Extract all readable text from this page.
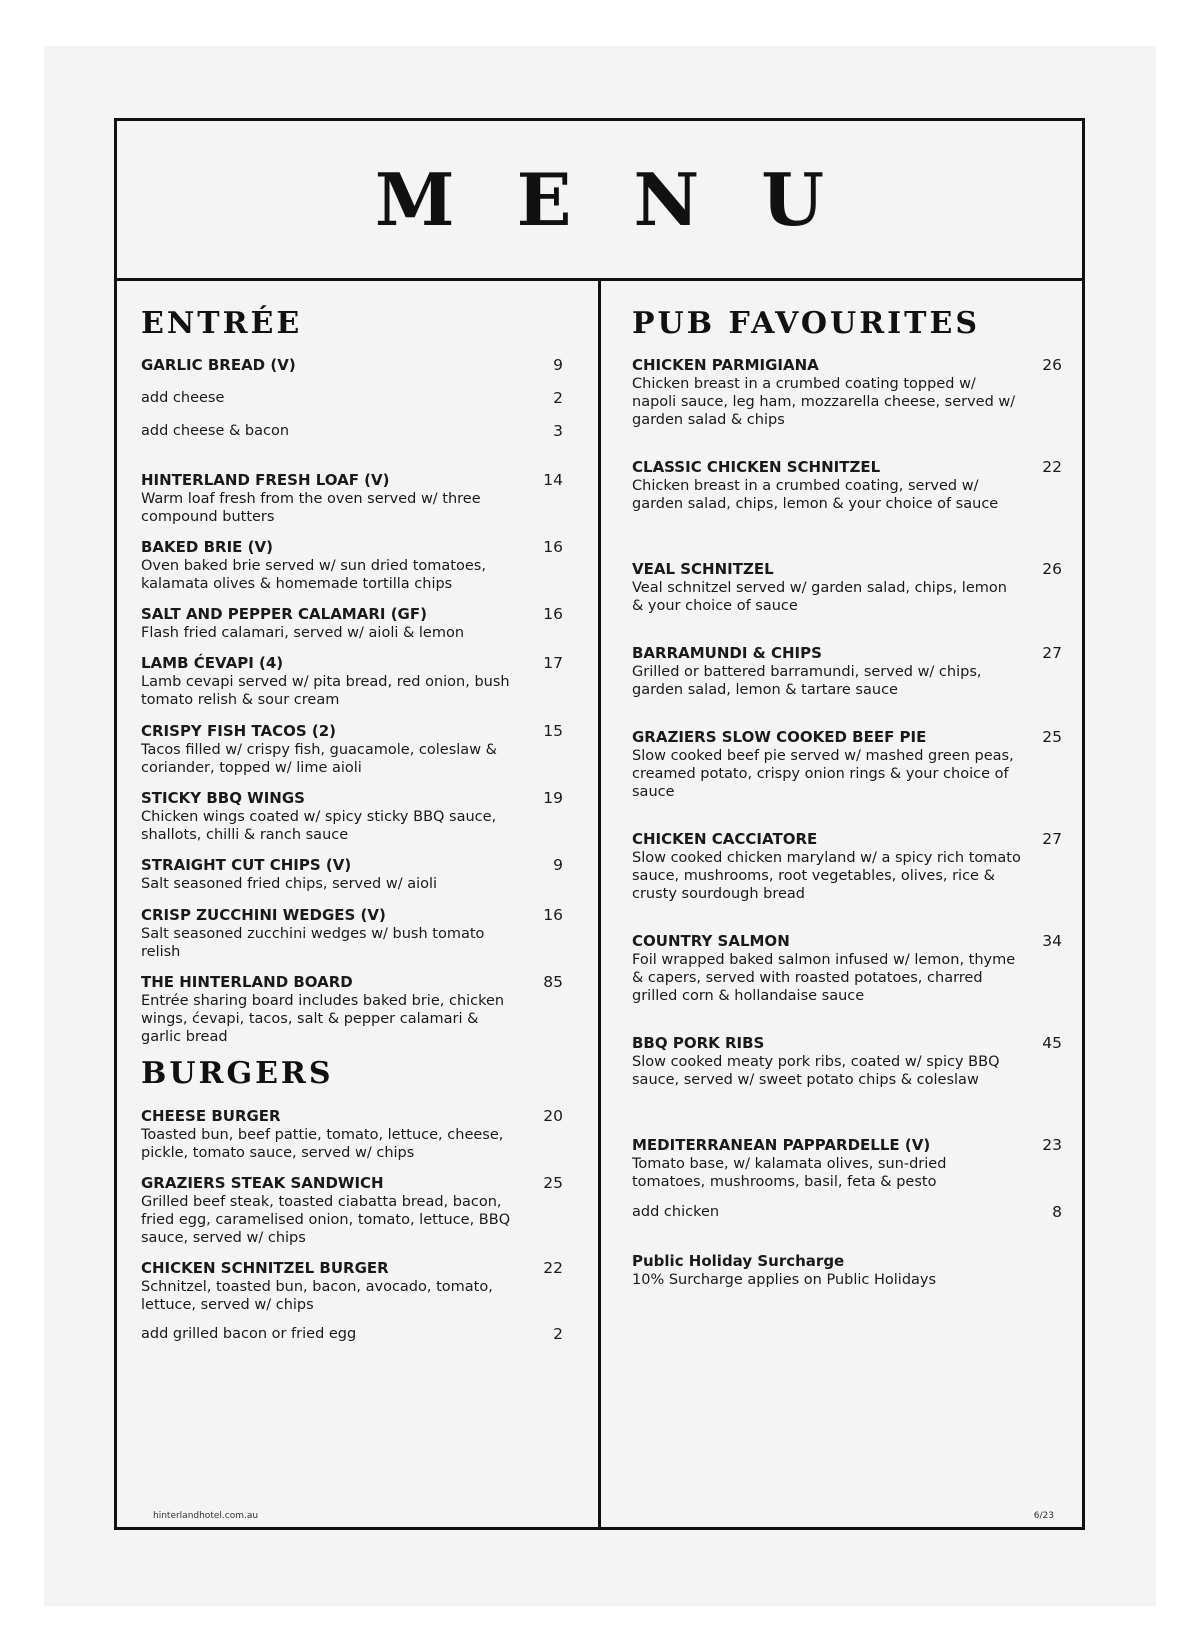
MENU
ENTRÉE

GARLIC BREAD (V)	9
add cheese	2
add cheese & bacon	3

HINTERLAND FRESH LOAF (V)	14

Warm loaf fresh from the oven served w/ three compound butters

BAKED BRIE (V)	16

Oven baked brie served w/ sun dried tomatoes, kalamata olives & homemade tortilla chips

SALT AND PEPPER CALAMARI (GF)	16

Flash fried calamari, served w/ aioli & lemon

LAMB ĆEVAPI (4)	17

Lamb cevapi served w/ pita bread, red onion, bush tomato relish & sour cream

CRISPY FISH TACOS (2)	15

Tacos filled w/ crispy fish, guacamole, coleslaw & coriander, topped w/ lime aioli

STICKY BBQ WINGS	19

Chicken wings coated w/ spicy sticky BBQ sauce, shallots, chilli & ranch sauce

STRAIGHT CUT CHIPS (V)	9

Salt seasoned fried chips, served w/ aioli

CRISP ZUCCHINI WEDGES (V)	16

Salt seasoned zucchini wedges w/ bush tomato relish

THE HINTERLAND BOARD	85

Entrée sharing board includes baked brie, chicken wings, ćevapi, tacos, salt & pepper calamari & garlic bread

BURGERS

CHEESE BURGER	20

Toasted bun, beef pattie, tomato, lettuce, cheese, pickle, tomato sauce, served w/ chips

GRAZIERS STEAK SANDWICH	25

Grilled beef steak, toasted ciabatta bread, bacon, fried egg, caramelised onion, tomato, lettuce, BBQ sauce, served w/ chips

CHICKEN SCHNITZEL BURGER	22

Schnitzel, toasted bun, bacon, avocado, tomato, lettuce, served w/ chips

add grilled bacon or fried egg	2
PUB FAVOURITES

CHICKEN PARMIGIANA	26

Chicken breast in a crumbed coating topped w/ napoli sauce, leg ham, mozzarella cheese, served w/ garden salad & chips

CLASSIC CHICKEN SCHNITZEL	22

Chicken breast in a crumbed coating, served w/ garden salad, chips, lemon & your choice of sauce

VEAL SCHNITZEL	26

Veal schnitzel served w/ garden salad, chips, lemon & your choice of sauce

BARRAMUNDI & CHIPS	27

Grilled or battered barramundi, served w/ chips, garden salad, lemon & tartare sauce

GRAZIERS SLOW COOKED BEEF PIE	25

Slow cooked beef pie served w/ mashed green peas, creamed potato, crispy onion rings & your choice of sauce

CHICKEN CACCIATORE	27

Slow cooked chicken maryland w/ a spicy rich tomato sauce, mushrooms, root vegetables, olives, rice & crusty sourdough bread

COUNTRY SALMON	34

Foil wrapped baked salmon infused w/ lemon, thyme & capers, served with roasted potatoes, charred grilled corn & hollandaise sauce

BBQ PORK RIBS	45

Slow cooked meaty pork ribs, coated w/ spicy BBQ sauce, served w/ sweet potato chips & coleslaw

MEDITERRANEAN PAPPARDELLE (V)	23

Tomato base, w/ kalamata olives, sun-dried tomatoes, mushrooms, basil, feta & pesto

add chicken	8

Public Holiday Surcharge

10% Surcharge applies on Public Holidays

hinterlandhotel.com.au	6/23
